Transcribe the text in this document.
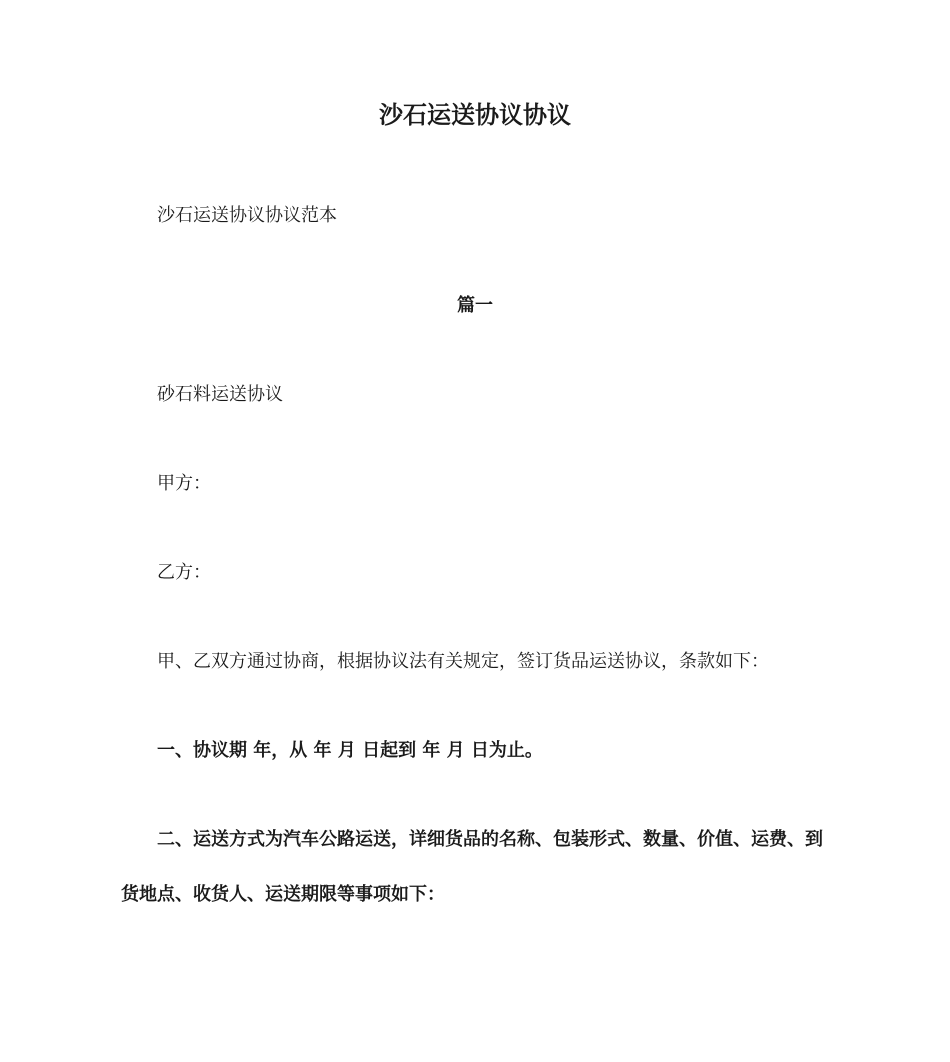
沙石运送协议协议
沙石运送协议协议范本
篇一
砂石料运送协议
甲方：
乙方：
甲、乙双方通过协商，根据协议法有关规定，签订货品运送协议，条款如下：
一、协议期 年，从 年 月 日起到 年 月 日为止。
二、运送方式为汽车公路运送，详细货品的名称、包装形式、数量、价值、运费、到
货地点、收货人、运送期限等事项如下：
